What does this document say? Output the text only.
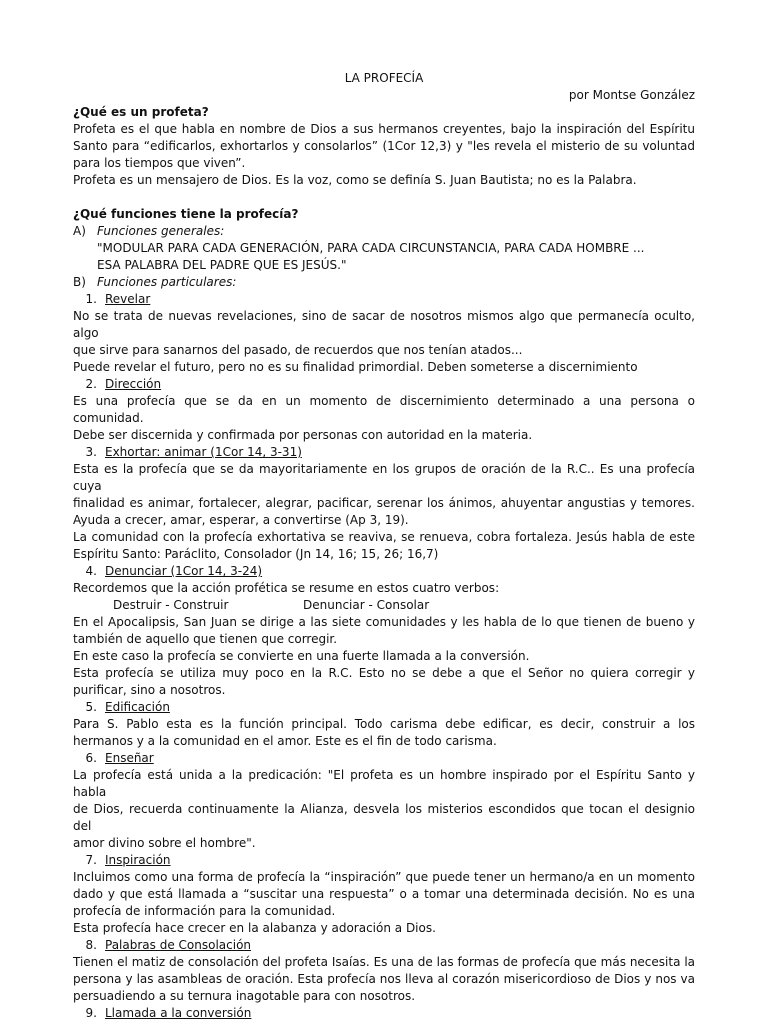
LA PROFECÍA
por Montse González
¿Qué es un profeta?
Profeta es el que habla en nombre de Dios a sus hermanos creyentes, bajo la inspiración del Espíritu
Santo para “edificarlos, exhortarlos y consolarlos” (1Cor 12,3) y "les revela el misterio de su voluntad
para los tiempos que viven”.
Profeta es un mensajero de Dios. Es la voz, como se definía S. Juan Bautista; no es la Palabra.
¿Qué funciones tiene la profecía?
A) Funciones generales:
"MODULAR PARA CADA GENERACIÓN, PARA CADA CIRCUNSTANCIA, PARA CADA HOMBRE ...
ESA PALABRA DEL PADRE QUE ES JESÚS."
B) Funciones particulares:
1. Revelar
No se trata de nuevas revelaciones, sino de sacar de nosotros mismos algo que permanecía oculto, algo
que sirve para sanarnos del pasado, de recuerdos que nos tenían atados...
Puede revelar el futuro, pero no es su finalidad primordial. Deben someterse a discernimiento
2. Dirección
Es una profecía que se da en un momento de discernimiento determinado a una persona o comunidad.
Debe ser discernida y confirmada por personas con autoridad en la materia.
3. Exhortar: animar (1Cor 14, 3-31)
Esta es la profecía que se da mayoritariamente en los grupos de oración de la R.C.. Es una profecía cuya
finalidad es animar, fortalecer, alegrar, pacificar, serenar los ánimos, ahuyentar angustias y temores.
Ayuda a crecer, amar, esperar, a convertirse (Ap 3, 19).
La comunidad con la profecía exhortativa se reaviva, se renueva, cobra fortaleza. Jesús habla de este
Espíritu Santo: Paráclito, Consolador (Jn 14, 16; 15, 26; 16,7)
4. Denunciar (1Cor 14, 3-24)
Recordemos que la acción profética se resume en estos cuatro verbos:
Destruir - Construir	Denunciar - Consolar
En el Apocalipsis, San Juan se dirige a las siete comunidades y les habla de lo que tienen de bueno y
también de aquello que tienen que corregir.
En este caso la profecía se convierte en una fuerte llamada a la conversión.
Esta profecía se utiliza muy poco en la R.C. Esto no se debe a que el Señor no quiera corregir y
purificar, sino a nosotros.
5. Edificación
Para S. Pablo esta es la función principal. Todo carisma debe edificar, es decir, construir a los
hermanos y a la comunidad en el amor. Este es el fin de todo carisma.
6. Enseñar
La profecía está unida a la predicación: "El profeta es un hombre inspirado por el Espíritu Santo y habla
de Dios, recuerda continuamente la Alianza, desvela los misterios escondidos que tocan el designio del
amor divino sobre el hombre".
7. Inspiración
Incluimos como una forma de profecía la “inspiración” que puede tener un hermano/a en un momento
dado y que está llamada a “suscitar una respuesta” o a tomar una determinada decisión. No es una
profecía de información para la comunidad.
Esta profecía hace crecer en la alabanza y adoración a Dios.
8. Palabras de Consolación
Tienen el matiz de consolación del profeta Isaías. Es una de las formas de profecía que más necesita la
persona y las asambleas de oración. Esta profecía nos lleva al corazón misericordioso de Dios y nos va
persuadiendo a su ternura inagotable para con nosotros.
9. Llamada a la conversión
